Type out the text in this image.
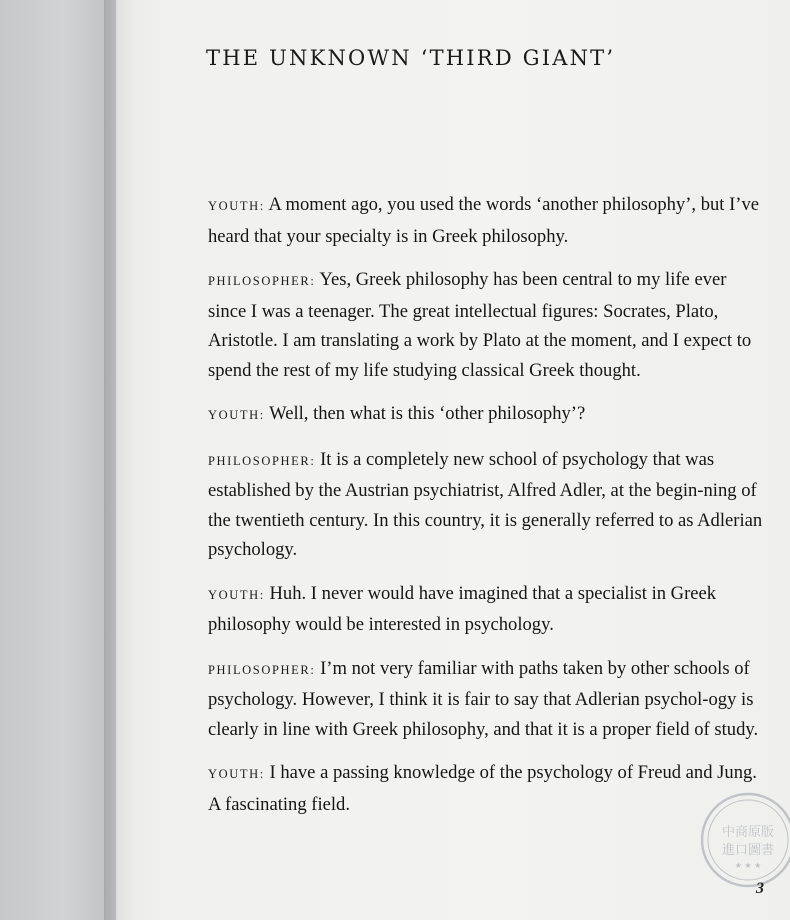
THE UNKNOWN ‘THIRD GIANT’

YOUTH: A moment ago, you used the words ‘another philosophy’, but I’ve heard that your specialty is in Greek philosophy.

PHILOSOPHER: Yes, Greek philosophy has been central to my life ever since I was a teenager. The great intellectual figures: Socrates, Plato, Aristotle. I am translating a work by Plato at the moment, and I expect to spend the rest of my life studying classical Greek thought.

YOUTH: Well, then what is this ‘other philosophy’?

PHILOSOPHER: It is a completely new school of psychology that was established by the Austrian psychiatrist, Alfred Adler, at the begin-ning of the twentieth century. In this country, it is generally referred to as Adlerian psychology.

YOUTH: Huh. I never would have imagined that a specialist in Greek philosophy would be interested in psychology.

PHILOSOPHER: I’m not very familiar with paths taken by other schools of psychology. However, I think it is fair to say that Adlerian psychol-ogy is clearly in line with Greek philosophy, and that it is a proper field of study.

YOUTH: I have a passing knowledge of the psychology of Freud and Jung. A fascinating field.

中商原版
進口圖書
★ ★ ★
3
